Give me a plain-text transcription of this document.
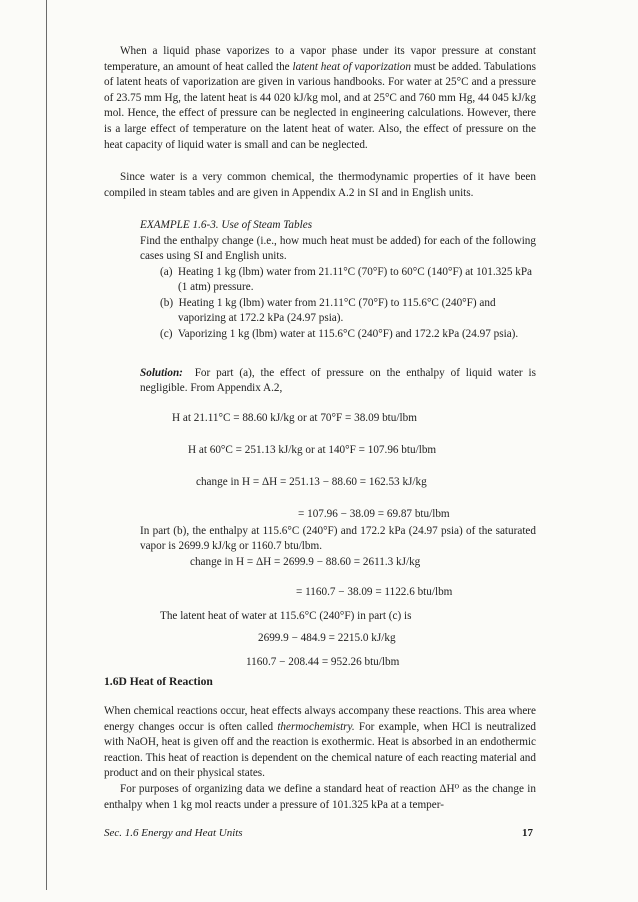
When a liquid phase vaporizes to a vapor phase under its vapor pressure at constant temperature, an amount of heat called the latent heat of vaporization must be added. Tabulations of latent heats of vaporization are given in various handbooks. For water at 25°C and a pressure of 23.75 mm Hg, the latent heat is 44 020 kJ/kg mol, and at 25°C and 760 mm Hg, 44 045 kJ/kg mol. Hence, the effect of pressure can be neglected in engineering calculations. However, there is a large effect of temperature on the latent heat of water. Also, the effect of pressure on the heat capacity of liquid water is small and can be neglected.

Since water is a very common chemical, the thermodynamic properties of it have been compiled in steam tables and are given in Appendix A.2 in SI and in English units.

EXAMPLE 1.6-3. Use of Steam Tables

Find the enthalpy change (i.e., how much heat must be added) for each of the following cases using SI and English units.

(a) Heating 1 kg (lbm) water from 21.11°C (70°F) to 60°C (140°F) at 101.325 kPa (1 atm) pressure.

(b) Heating 1 kg (lbm) water from 21.11°C (70°F) to 115.6°C (240°F) and vaporizing at 172.2 kPa (24.97 psia).

(c) Vaporizing 1 kg (lbm) water at 115.6°C (240°F) and 172.2 kPa (24.97 psia).

Solution: For part (a), the effect of pressure on the enthalpy of liquid water is negligible. From Appendix A.2,

H at 21.11°C = 88.60 kJ/kg or at 70°F = 38.09 btu/lbm

H at 60°C = 251.13 kJ/kg or at 140°F = 107.96 btu/lbm

change in H = ΔH = 251.13 − 88.60 = 162.53 kJ/kg

= 107.96 − 38.09 = 69.87 btu/lbm

In part (b), the enthalpy at 115.6°C (240°F) and 172.2 kPa (24.97 psia) of the saturated vapor is 2699.9 kJ/kg or 1160.7 btu/lbm.

change in H = ΔH = 2699.9 − 88.60 = 2611.3 kJ/kg

= 1160.7 − 38.09 = 1122.6 btu/lbm

The latent heat of water at 115.6°C (240°F) in part (c) is

2699.9 − 484.9 = 2215.0 kJ/kg

1160.7 − 208.44 = 952.26 btu/lbm

1.6D Heat of Reaction

When chemical reactions occur, heat effects always accompany these reactions. This area where energy changes occur is often called thermochemistry. For example, when HCl is neutralized with NaOH, heat is given off and the reaction is exothermic. Heat is absorbed in an endothermic reaction. This heat of reaction is dependent on the chemical nature of each reacting material and product and on their physical states.

For purposes of organizing data we define a standard heat of reaction ΔH⁰ as the change in enthalpy when 1 kg mol reacts under a pressure of 101.325 kPa at a temper-

Sec. 1.6 Energy and Heat Units	17
